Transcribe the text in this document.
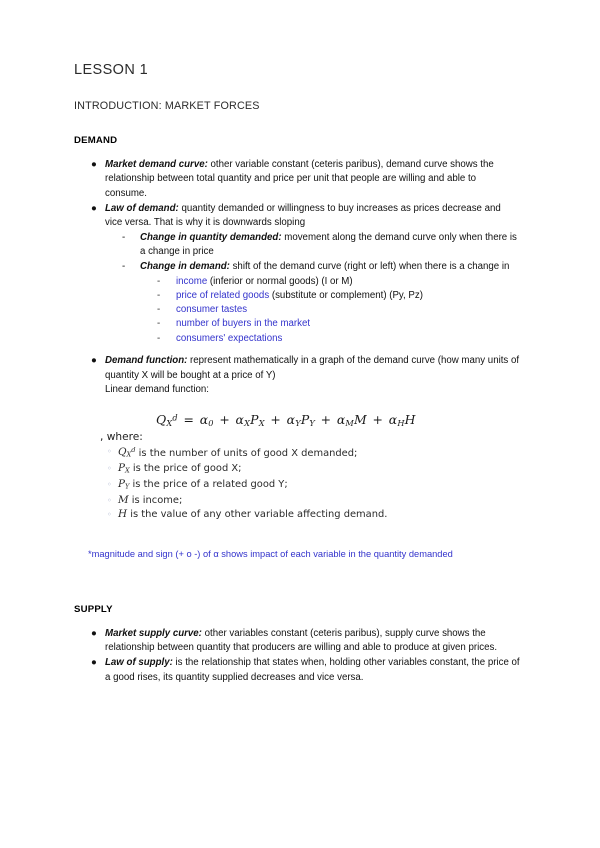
LESSON 1
INTRODUCTION: MARKET FORCES
DEMAND
● Market demand curve: other variable constant (ceteris paribus), demand curve shows the relationship between total quantity and price per unit that people are willing and able to consume.
● Law of demand: quantity demanded or willingness to buy increases as prices decrease and vice versa. That is why it is downwards sloping
- Change in quantity demanded: movement along the demand curve only when there is a change in price
- Change in demand: shift of the demand curve (right or left) when there is a change in
- income (inferior or normal goods) (I or M)
- price of related goods (substitute or complement) (Py, Pz)
- consumer tastes
- number of buyers in the market
- consumers' expectations
● Demand function: represent mathematically in a graph of the demand curve (how many units of quantity X will be bought at a price of Y)
Linear demand function:
$Q_X^d = \alpha_0 + \alpha_XP_X + \alpha_YP_Y + \alpha_MM + \alpha_HH$
, where:
◦ $Q_X^d$ is the number of units of good X demanded;
◦ $P_X$ is the price of good X;
◦ $P_Y$ is the price of a related good Y;
◦ M is income;
◦ H is the value of any other variable affecting demand.
*magnitude and sign (+ o -) of α shows impact of each variable in the quantity demanded
SUPPLY
● Market supply curve: other variables constant (ceteris paribus), supply curve shows the relationship between quantity that producers are willing and able to produce at given prices.
● Law of supply: is the relationship that states when, holding other variables constant, the price of a good rises, its quantity supplied decreases and vice versa.
